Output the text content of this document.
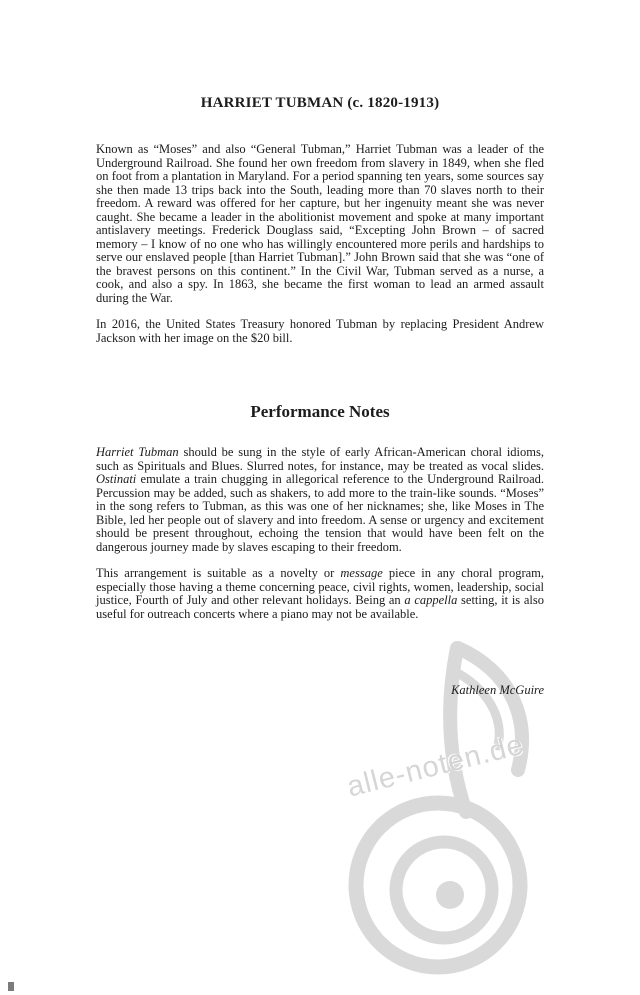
alle-noten.de
HARRIET TUBMAN (c. 1820-1913)

Known as “Moses” and also “General Tubman,” Harriet Tubman was a leader of the Underground Railroad. She found her own freedom from slavery in 1849, when she fled on foot from a plantation in Maryland. For a period spanning ten years, some sources say she then made 13 trips back into the South, leading more than 70 slaves north to their freedom. A reward was offered for her capture, but her ingenuity meant she was never caught. She became a leader in the abolitionist movement and spoke at many important antislavery meetings. Frederick Douglass said, “Excepting John Brown – of sacred memory – I know of no one who has willingly encountered more perils and hardships to serve our enslaved people [than Harriet Tubman].” John Brown said that she was “one of the bravest persons on this continent.” In the Civil War, Tubman served as a nurse, a cook, and also a spy. In 1863, she became the first woman to lead an armed assault during the War.

In 2016, the United States Treasury honored Tubman by replacing President Andrew Jackson with her image on the $20 bill.

Performance Notes

Harriet Tubman should be sung in the style of early African-American choral idioms, such as Spirituals and Blues. Slurred notes, for instance, may be treated as vocal slides. Ostinati emulate a train chugging in allegorical reference to the Underground Railroad. Percussion may be added, such as shakers, to add more to the train-like sounds. “Moses” in the song refers to Tubman, as this was one of her nicknames; she, like Moses in The Bible, led her people out of slavery and into freedom. A sense or urgency and excitement should be present throughout, echoing the tension that would have been felt on the dangerous journey made by slaves escaping to their freedom.

This arrangement is suitable as a novelty or message piece in any choral program, especially those having a theme concerning peace, civil rights, women, leadership, social justice, Fourth of July and other relevant holidays. Being an a cappella setting, it is also useful for outreach concerts where a piano may not be available.

Kathleen McGuire
